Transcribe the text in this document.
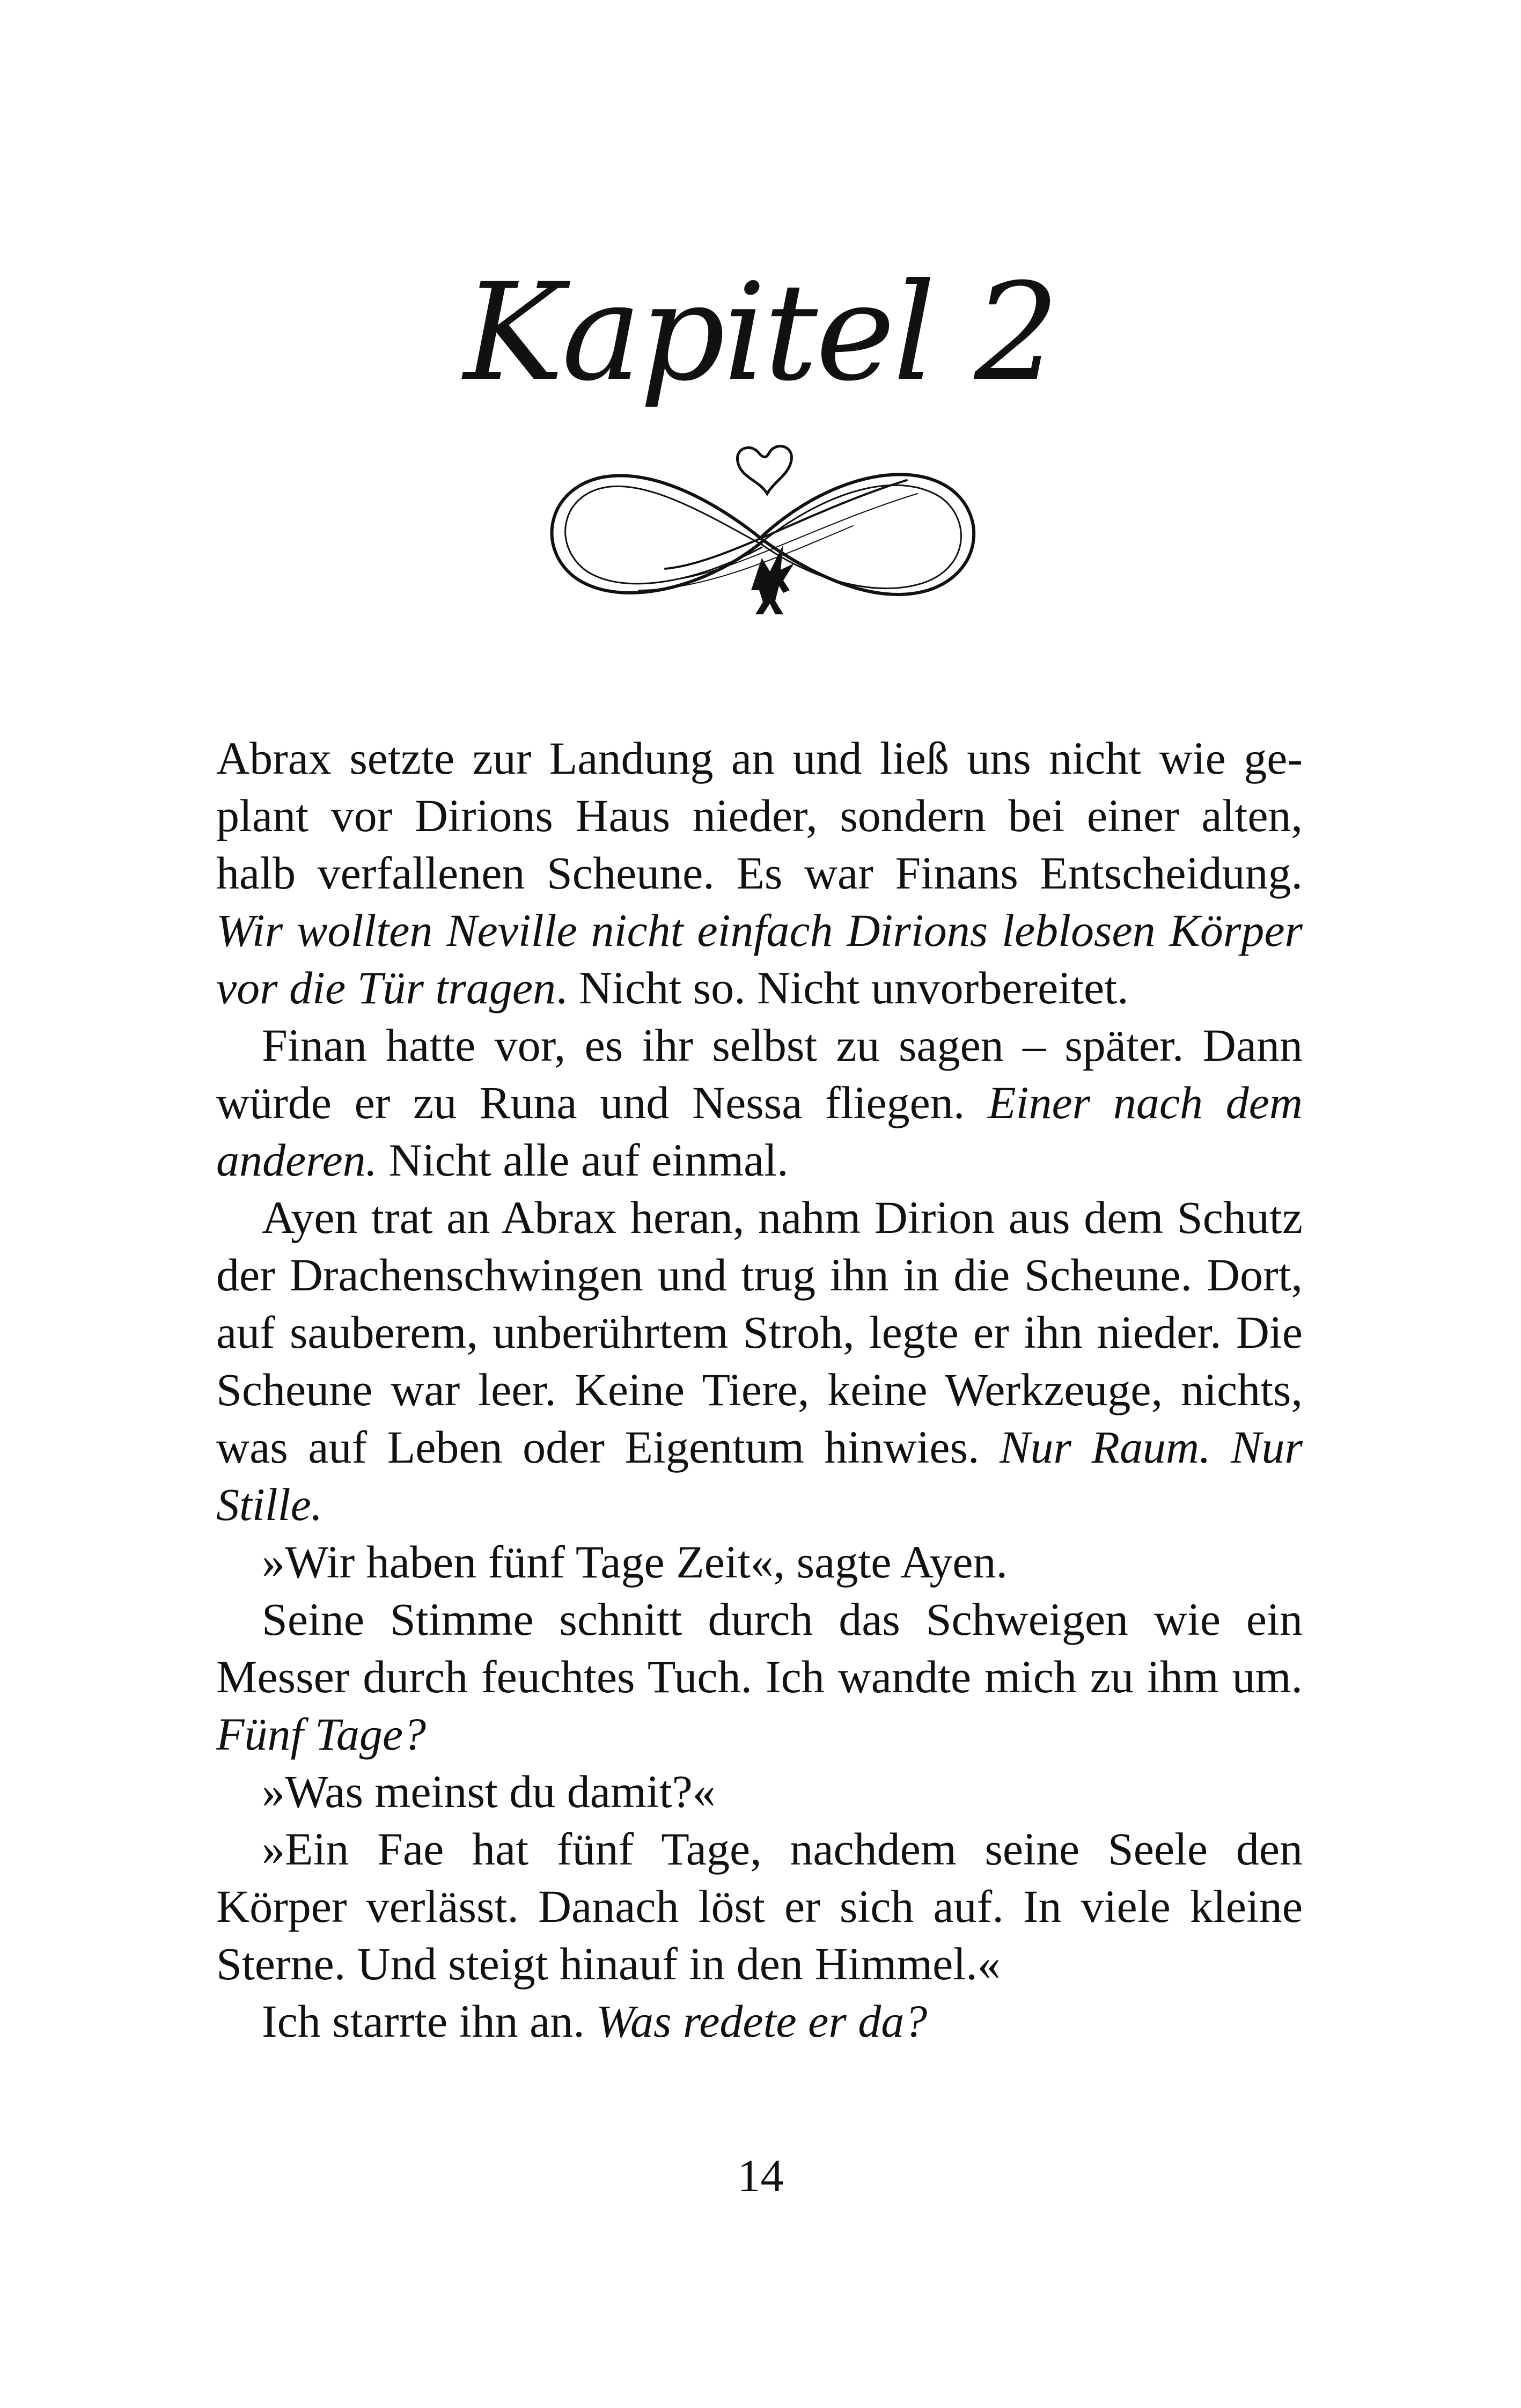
Kapitel 2

Abrax setzte zur Landung an und ließ uns nicht wie geplant vor Dirions Haus nieder, sondern bei einer alten, halb verfallenen Scheune. Es war Finans Entscheidung. Wir wollten Neville nicht einfach Dirions leblosen Körper vor die Tür tragen. Nicht so. Nicht unvorbereitet.

Finan hatte vor, es ihr selbst zu sagen – später. Dann würde er zu Runa und Nessa fliegen. Einer nach dem anderen. Nicht alle auf einmal.

Ayen trat an Abrax heran, nahm Dirion aus dem Schutz der Drachenschwingen und trug ihn in die Scheune. Dort, auf sauberem, unberührtem Stroh, legte er ihn nieder. Die Scheune war leer. Keine Tiere, keine Werkzeuge, nichts, was auf Leben oder Eigentum hinwies. Nur Raum. Nur Stille.

»Wir haben fünf Tage Zeit«, sagte Ayen.

Seine Stimme schnitt durch das Schweigen wie ein Messer durch feuchtes Tuch. Ich wandte mich zu ihm um. Fünf Tage?

»Was meinst du damit?«

»Ein Fae hat fünf Tage, nachdem seine Seele den Körper verlässt. Danach löst er sich auf. In viele kleine Sterne. Und steigt hinauf in den Himmel.«

Ich starrte ihn an. Was redete er da?

14
